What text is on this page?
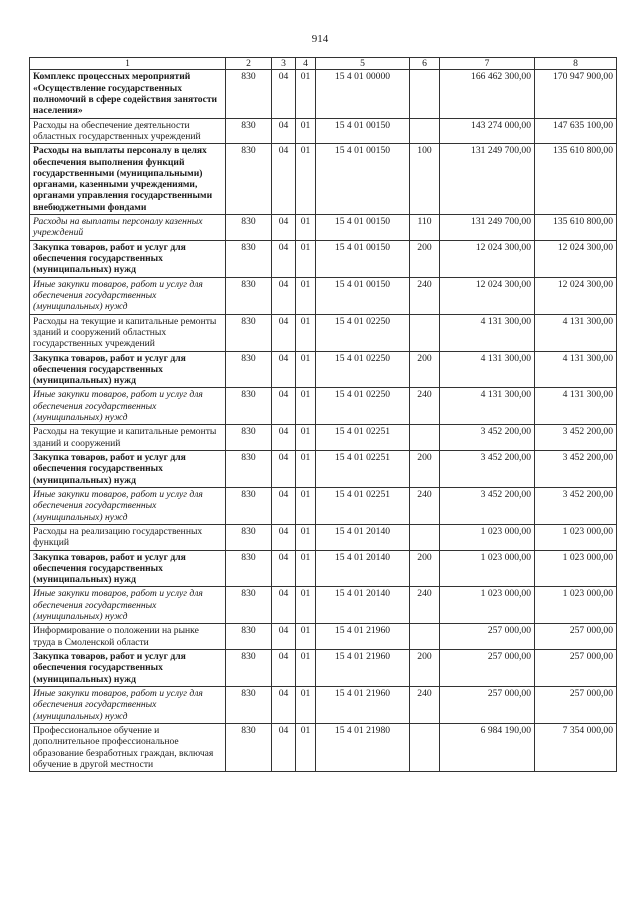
914
1	2	3	4	5	6	7	8
Комплекс процессных мероприятий «Осуществление государственных полномочий в сфере содействия занятости населения»	830	04	01	15 4 01 00000		166 462 300,00	170 947 900,00
Расходы на обеспечение деятельности областных государственных учреждений	830	04	01	15 4 01 00150		143 274 000,00	147 635 100,00
Расходы на выплаты персоналу в целях обеспечения выполнения функций государственными (муниципальными) органами, казенными учреждениями, органами управления государственными внебюджетными фондами	830	04	01	15 4 01 00150	100	131 249 700,00	135 610 800,00
Расходы на выплаты персоналу казенных учреждений	830	04	01	15 4 01 00150	110	131 249 700,00	135 610 800,00
Закупка товаров, работ и услуг для обеспечения государственных (муниципальных) нужд	830	04	01	15 4 01 00150	200	12 024 300,00	12 024 300,00
Иные закупки товаров, работ и услуг для обеспечения государственных (муниципальных) нужд	830	04	01	15 4 01 00150	240	12 024 300,00	12 024 300,00
Расходы на текущие и капитальные ремонты зданий и сооружений областных государственных учреждений	830	04	01	15 4 01 02250		4 131 300,00	4 131 300,00
Закупка товаров, работ и услуг для обеспечения государственных (муниципальных) нужд	830	04	01	15 4 01 02250	200	4 131 300,00	4 131 300,00
Иные закупки товаров, работ и услуг для обеспечения государственных (муниципальных) нужд	830	04	01	15 4 01 02250	240	4 131 300,00	4 131 300,00
Расходы на текущие и капитальные ремонты зданий и сооружений	830	04	01	15 4 01 02251		3 452 200,00	3 452 200,00
Закупка товаров, работ и услуг для обеспечения государственных (муниципальных) нужд	830	04	01	15 4 01 02251	200	3 452 200,00	3 452 200,00
Иные закупки товаров, работ и услуг для обеспечения государственных (муниципальных) нужд	830	04	01	15 4 01 02251	240	3 452 200,00	3 452 200,00
Расходы на реализацию государственных функций	830	04	01	15 4 01 20140		1 023 000,00	1 023 000,00
Закупка товаров, работ и услуг для обеспечения государственных (муниципальных) нужд	830	04	01	15 4 01 20140	200	1 023 000,00	1 023 000,00
Иные закупки товаров, работ и услуг для обеспечения государственных (муниципальных) нужд	830	04	01	15 4 01 20140	240	1 023 000,00	1 023 000,00
Информирование о положении на рынке труда в Смоленской области	830	04	01	15 4 01 21960		257 000,00	257 000,00
Закупка товаров, работ и услуг для обеспечения государственных (муниципальных) нужд	830	04	01	15 4 01 21960	200	257 000,00	257 000,00
Иные закупки товаров, работ и услуг для обеспечения государственных (муниципальных) нужд	830	04	01	15 4 01 21960	240	257 000,00	257 000,00
Профессиональное обучение и дополнительное профессиональное образование безработных граждан, включая обучение в другой местности	830	04	01	15 4 01 21980		6 984 190,00	7 354 000,00
